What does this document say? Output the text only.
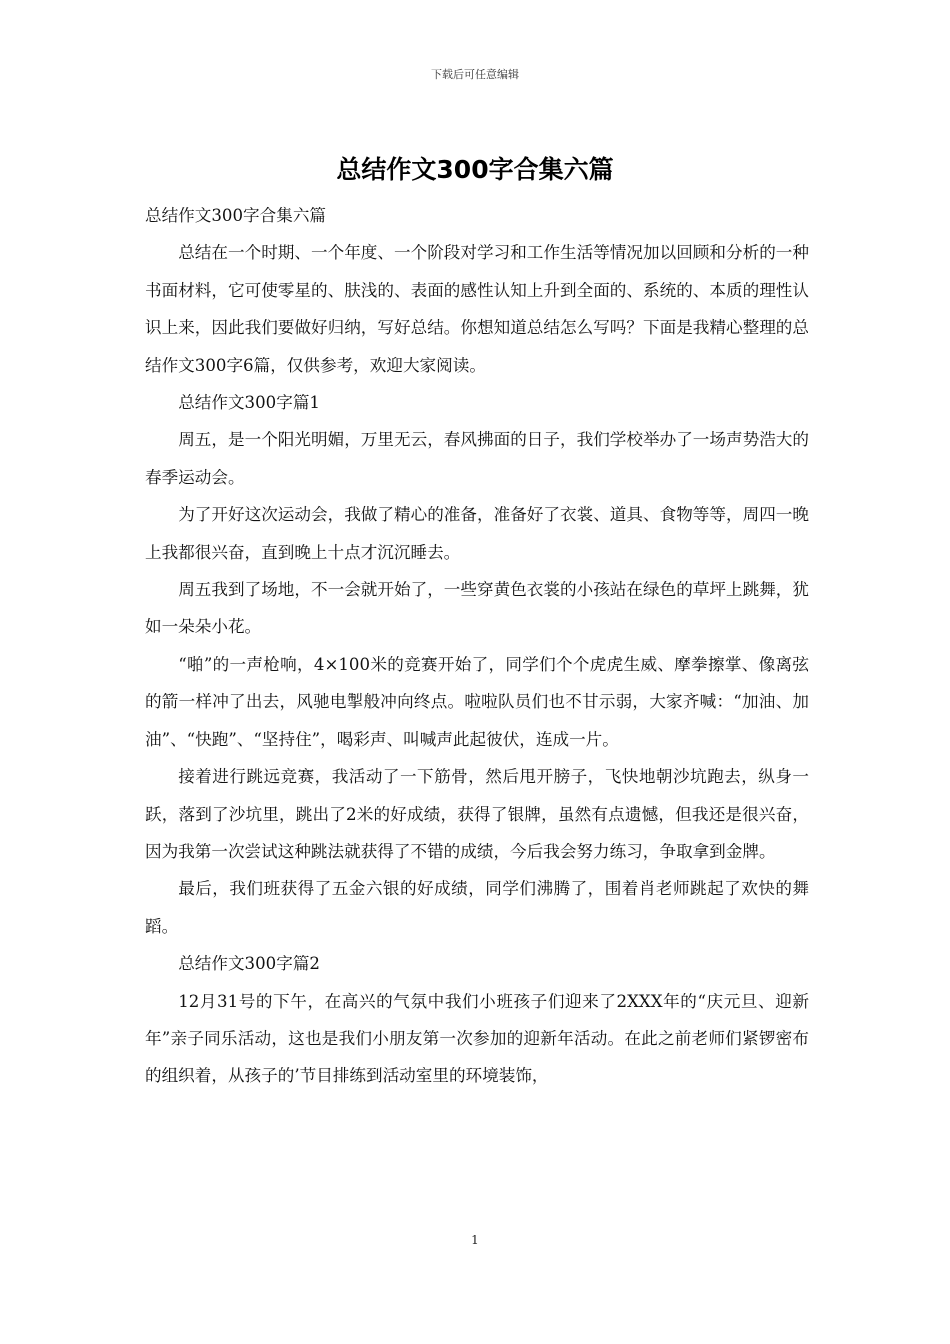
下载后可任意编辑
总结作文300字合集六篇

总结作文300字合集六篇

总结在一个时期、一个年度、一个阶段对学习和工作生活等情况加以回顾和分析的一种书面材料，它可使零星的、肤浅的、表面的感性认知上升到全面的、系统的、本质的理性认识上来，因此我们要做好归纳，写好总结。你想知道总结怎么写吗？下面是我精心整理的总结作文300字6篇，仅供参考，欢迎大家阅读。

总结作文300字篇1

周五，是一个阳光明媚，万里无云，春风拂面的日子，我们学校举办了一场声势浩大的春季运动会。

为了开好这次运动会，我做了精心的准备，准备好了衣裳、道具、食物等等，周四一晚上我都很兴奋，直到晚上十点才沉沉睡去。

周五我到了场地，不一会就开始了，一些穿黄色衣裳的小孩站在绿色的草坪上跳舞，犹如一朵朵小花。

“啪”的一声枪响，4×100米的竞赛开始了，同学们个个虎虎生威、摩拳擦掌、像离弦的箭一样冲了出去，风驰电掣般冲向终点。啦啦队员们也不甘示弱，大家齐喊：“加油、加油”、“快跑”、“坚持住”，喝彩声、叫喊声此起彼伏，连成一片。

接着进行跳远竞赛，我活动了一下筋骨，然后甩开膀子，飞快地朝沙坑跑去，纵身一跃，落到了沙坑里，跳出了2米的好成绩，获得了银牌，虽然有点遗憾，但我还是很兴奋，因为我第一次尝试这种跳法就获得了不错的成绩，今后我会努力练习，争取拿到金牌。

最后，我们班获得了五金六银的好成绩，同学们沸腾了，围着肖老师跳起了欢快的舞蹈。

总结作文300字篇2

12月31号的下午，在高兴的气氛中我们小班孩子们迎来了2XXX年的“庆元旦、迎新年”亲子同乐活动，这也是我们小朋友第一次参加的迎新年活动。在此之前老师们紧锣密布的组织着，从孩子的’节目排练到活动室里的环境装饰，

1
